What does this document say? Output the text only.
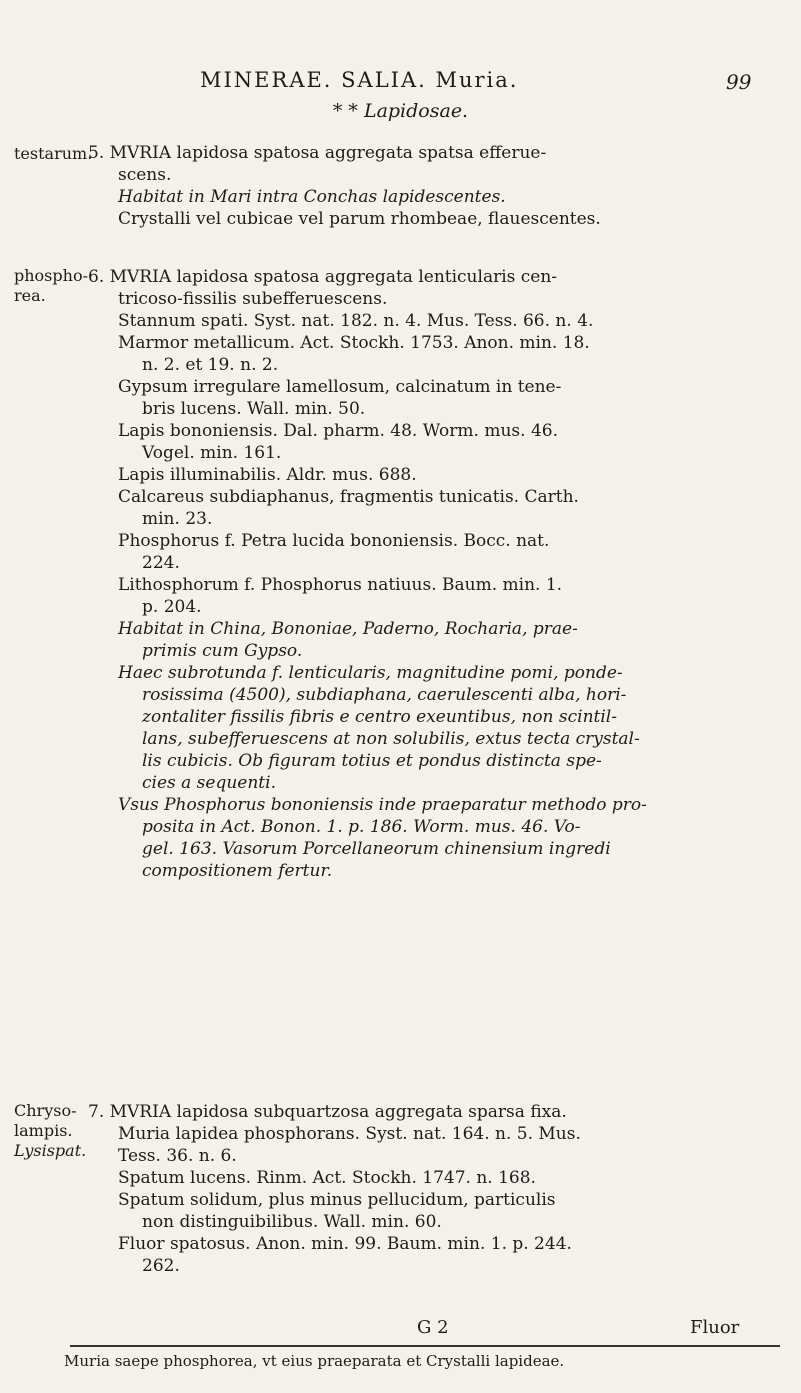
MINERAE. SALIA. Muria.	99
* * Lapidosae.
testarum.
phospho-
rea.
Chryso-
lampis.
Lysispat.
5. MVRIA lapidosa spatosa aggregata spatsa efferue-
scens.
Habitat in Mari intra Conchas lapidescentes.
Crystalli vel cubicae vel parum rhombeae, flauescentes.
6. MVRIA lapidosa spatosa aggregata lenticularis cen-
tricoso-fissilis subefferuescens.
Stannum spati. Syst. nat. 182. n. 4. Mus. Tess. 66. n. 4.
Marmor metallicum. Act. Stockh. 1753. Anon. min. 18.
n. 2. et 19. n. 2.
Gypsum irregulare lamellosum, calcinatum in tene-
bris lucens. Wall. min. 50.
Lapis bononiensis. Dal. pharm. 48. Worm. mus. 46.
Vogel. min. 161.
Lapis illuminabilis. Aldr. mus. 688.
Calcareus subdiaphanus, fragmentis tunicatis. Carth.
min. 23.
Phosphorus f. Petra lucida bononiensis. Bocc. nat.
224.
Lithosphorum f. Phosphorus natiuus. Baum. min. 1.
p. 204.
Habitat in China, Bononiae, Paderno, Rocharia, prae-
primis cum Gypso.
Haec subrotunda f. lenticularis, magnitudine pomi, ponde-
rosissima (4500), subdiaphana, caerulescenti alba, hori-
zontaliter fissilis fibris e centro exeuntibus, non scintil-
lans, subefferuescens at non solubilis, extus tecta crystal-
lis cubicis. Ob figuram totius et pondus distincta spe-
cies a sequenti.
Vsus Phosphorus bononiensis inde praeparatur methodo pro-
posita in Act. Bonon. 1. p. 186. Worm. mus. 46. Vo-
gel. 163. Vasorum Porcellaneorum chinensium ingredi
compositionem fertur.
7. MVRIA lapidosa subquartzosa aggregata sparsa fixa.
Muria lapidea phosphorans. Syst. nat. 164. n. 5. Mus.
Tess. 36. n. 6.
Spatum lucens. Rinm. Act. Stockh. 1747. n. 168.
Spatum solidum, plus minus pellucidum, particulis
non distinguibilibus. Wall. min. 60.
Fluor spatosus. Anon. min. 99. Baum. min. 1. p. 244.
262.
G 2	Fluor
Muria saepe phosphorea, vt eius praeparata et Crystalli lapideae.
